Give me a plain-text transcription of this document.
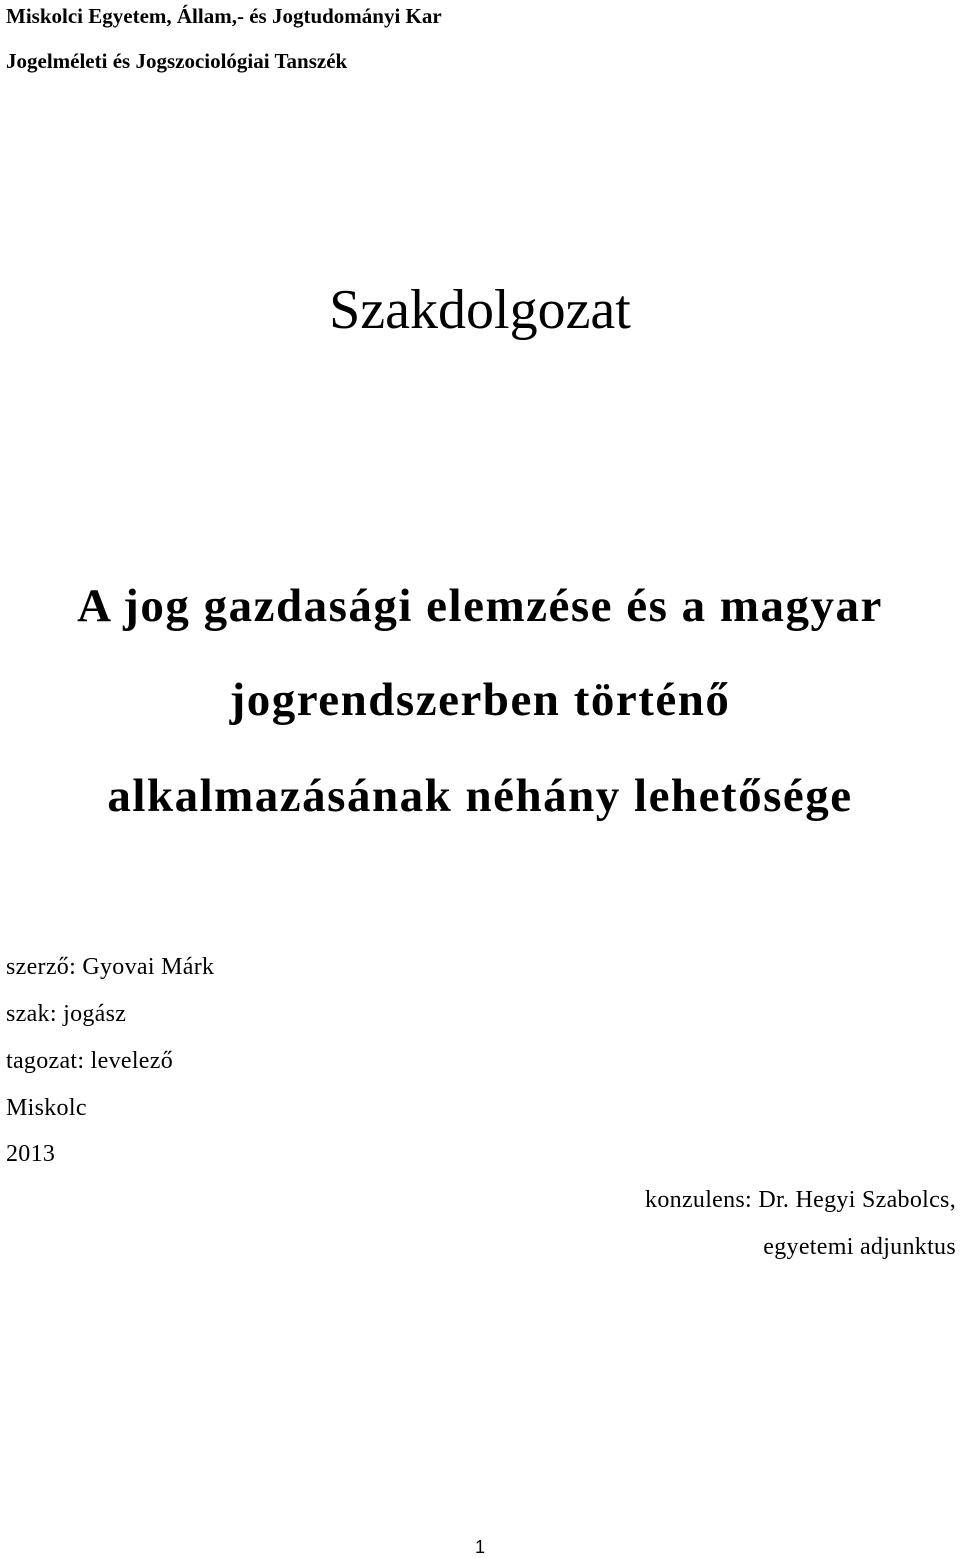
Miskolci Egyetem, Állam,- és Jogtudományi Kar

Jogelméleti és Jogszociológiai Tanszék

Szakdolgozat
A jog gazdasági elemzése és a magyar
jogrendszerben történő
alkalmazásának néhány lehetősége

szerző: Gyovai Márk

szak: jogász

tagozat: levelező

Miskolc

2013

konzulens: Dr. Hegyi Szabolcs,

egyetemi adjunktus

1
